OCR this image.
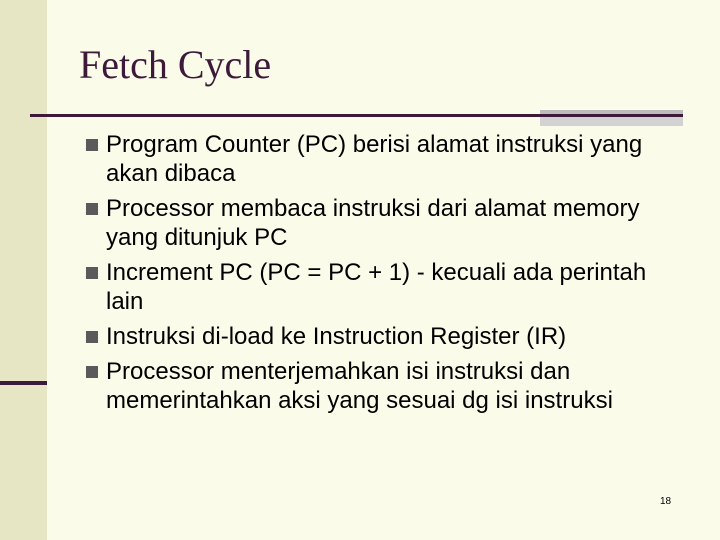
Fetch Cycle
Program Counter (PC) berisi alamat instruksi yang akan dibaca
Processor membaca instruksi dari alamat memory yang ditunjuk PC
Increment PC (PC = PC + 1) - kecuali ada perintah lain
Instruksi di-load ke Instruction Register (IR)
Processor menterjemahkan isi instruksi dan memerintahkan aksi yang sesuai dg isi instruksi
18
